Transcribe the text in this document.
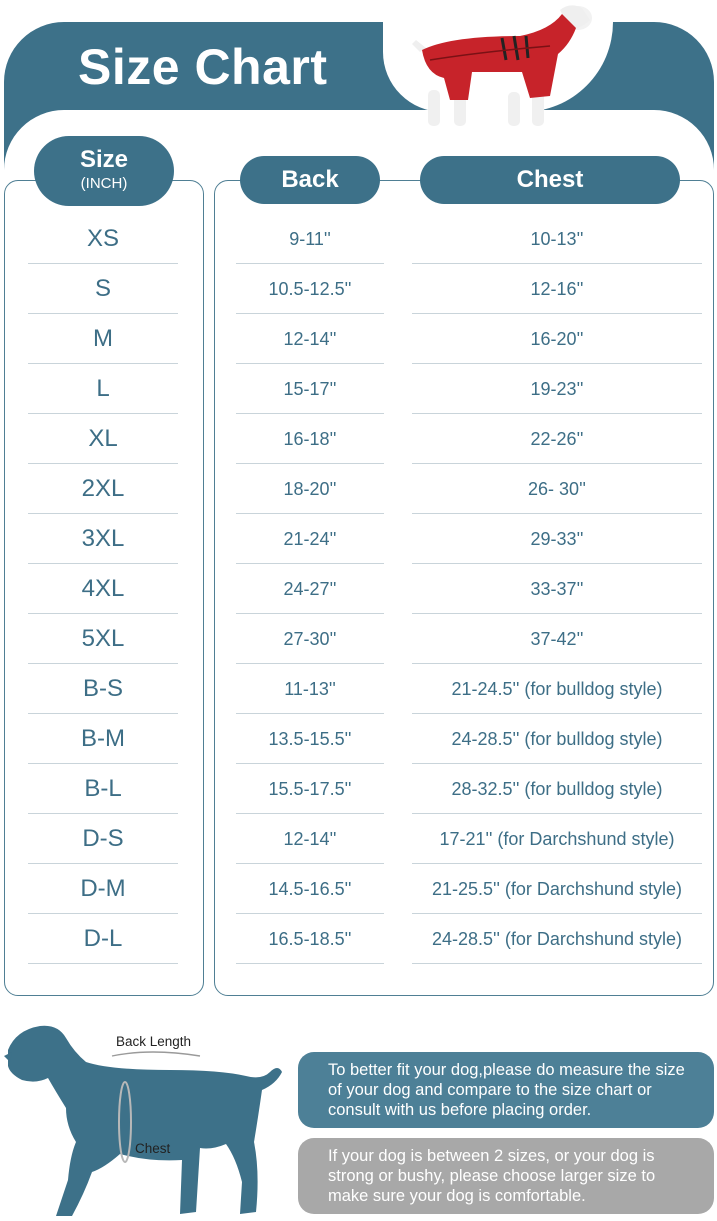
Size Chart
Size
(INCH)	Back	Chest
XS	9-11''	10-13''
S	10.5-12.5''	12-16''
M	12-14''	16-20''
L	15-17''	19-23''
XL	16-18''	22-26''
2XL	18-20''	26- 30''
3XL	21-24''	29-33''
4XL	24-27''	33-37''
5XL	27-30''	37-42''
B-S	11-13''	21-24.5'' (for bulldog style)
B-M	13.5-15.5''	24-28.5'' (for bulldog style)
B-L	15.5-17.5''	28-32.5'' (for bulldog style)
D-S	12-14''	17-21'' (for Darchshund style)
D-M	14.5-16.5''	21-25.5'' (for Darchshund style)
D-L	16.5-18.5''	24-28.5'' (for Darchshund style)
Back Length
Chest
To better fit your dog,please do measure the size of your dog and compare to the size chart or consult with us before placing order.
If your dog is between 2 sizes, or your dog is strong or bushy, please choose larger size to make sure your dog is comfortable.
